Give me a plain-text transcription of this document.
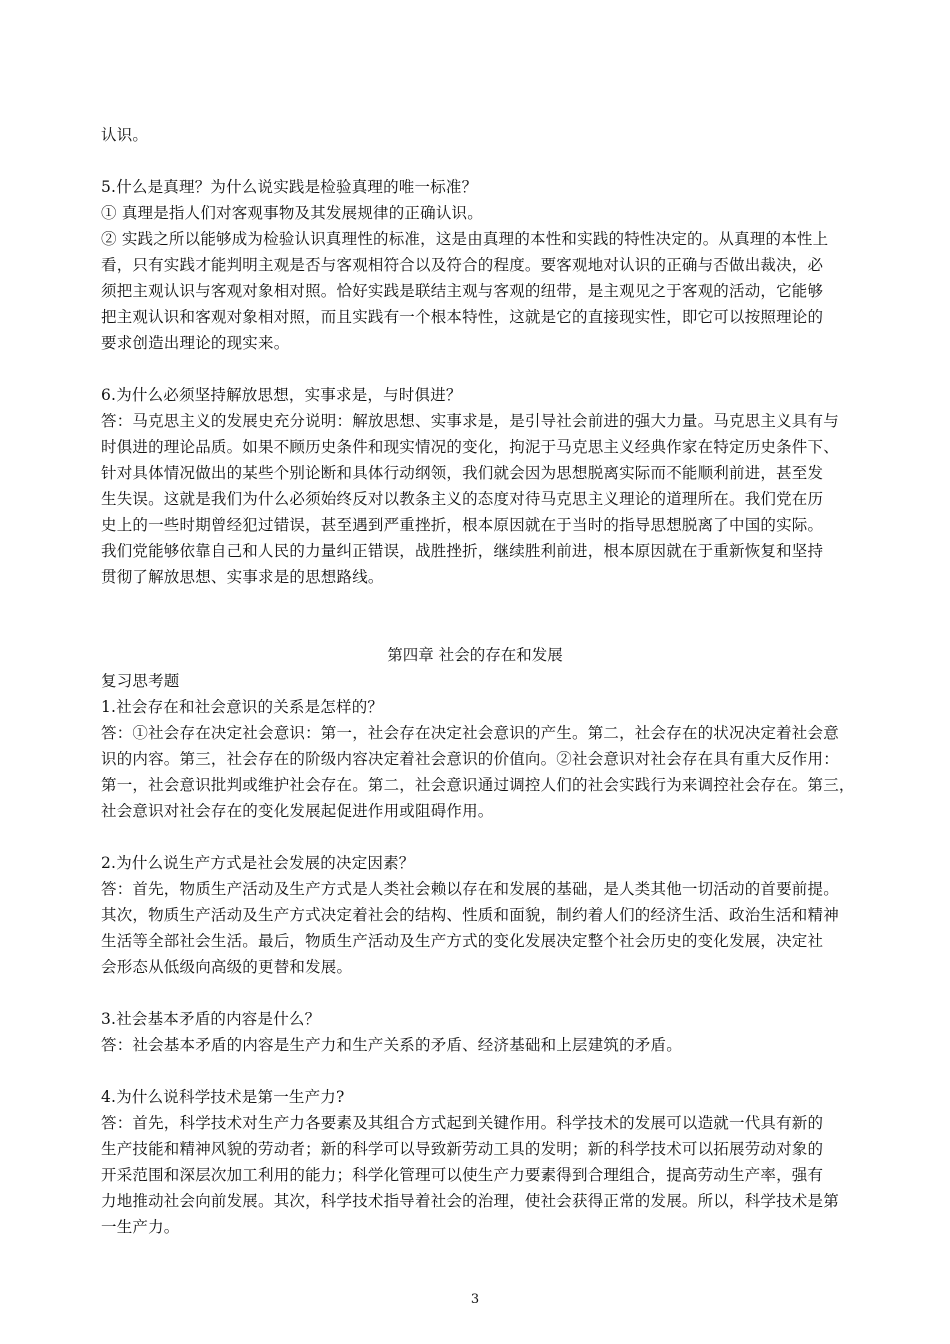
认识。
5.什么是真理？为什么说实践是检验真理的唯一标准？
① 真理是指人们对客观事物及其发展规律的正确认识。
② 实践之所以能够成为检验认识真理性的标准，这是由真理的本性和实践的特性决定的。从真理的本性上
看，只有实践才能判明主观是否与客观相符合以及符合的程度。要客观地对认识的正确与否做出裁决，必
须把主观认识与客观对象相对照。恰好实践是联结主观与客观的纽带，是主观见之于客观的活动，它能够
把主观认识和客观对象相对照，而且实践有一个根本特性，这就是它的直接现实性，即它可以按照理论的
要求创造出理论的现实来。
6.为什么必须坚持解放思想，实事求是，与时俱进？
答：马克思主义的发展史充分说明：解放思想、实事求是，是引导社会前进的强大力量。马克思主义具有与
时俱进的理论品质。如果不顾历史条件和现实情况的变化，拘泥于马克思主义经典作家在特定历史条件下、
针对具体情况做出的某些个别论断和具体行动纲领，我们就会因为思想脱离实际而不能顺利前进，甚至发
生失误。这就是我们为什么必须始终反对以教条主义的态度对待马克思主义理论的道理所在。我们党在历
史上的一些时期曾经犯过错误，甚至遇到严重挫折，根本原因就在于当时的指导思想脱离了中国的实际。
我们党能够依靠自己和人民的力量纠正错误，战胜挫折，继续胜利前进，根本原因就在于重新恢复和坚持
贯彻了解放思想、实事求是的思想路线。
第四章 社会的存在和发展
复习思考题
1.社会存在和社会意识的关系是怎样的？
答：①社会存在决定社会意识：第一，社会存在决定社会意识的产生。第二，社会存在的状况决定着社会意
识的内容。第三，社会存在的阶级内容决定着社会意识的价值向。②社会意识对社会存在具有重大反作用：
第一，社会意识批判或维护社会存在。第二，社会意识通过调控人们的社会实践行为来调控社会存在。第三，
社会意识对社会存在的变化发展起促进作用或阻碍作用。
2.为什么说生产方式是社会发展的决定因素？
答：首先，物质生产活动及生产方式是人类社会赖以存在和发展的基础，是人类其他一切活动的首要前提。
其次，物质生产活动及生产方式决定着社会的结构、性质和面貌，制约着人们的经济生活、政治生活和精神
生活等全部社会生活。最后，物质生产活动及生产方式的变化发展决定整个社会历史的变化发展，决定社
会形态从低级向高级的更替和发展。
3.社会基本矛盾的内容是什么？
答：社会基本矛盾的内容是生产力和生产关系的矛盾、经济基础和上层建筑的矛盾。
4.为什么说科学技术是第一生产力?
答：首先，科学技术对生产力各要素及其组合方式起到关键作用。科学技术的发展可以造就一代具有新的
生产技能和精神风貌的劳动者；新的科学可以导致新劳动工具的发明；新的科学技术可以拓展劳动对象的
开采范围和深层次加工利用的能力；科学化管理可以使生产力要素得到合理组合，提高劳动生产率，强有
力地推动社会向前发展。其次，科学技术指导着社会的治理，使社会获得正常的发展。所以，科学技术是第
一生产力。
3
